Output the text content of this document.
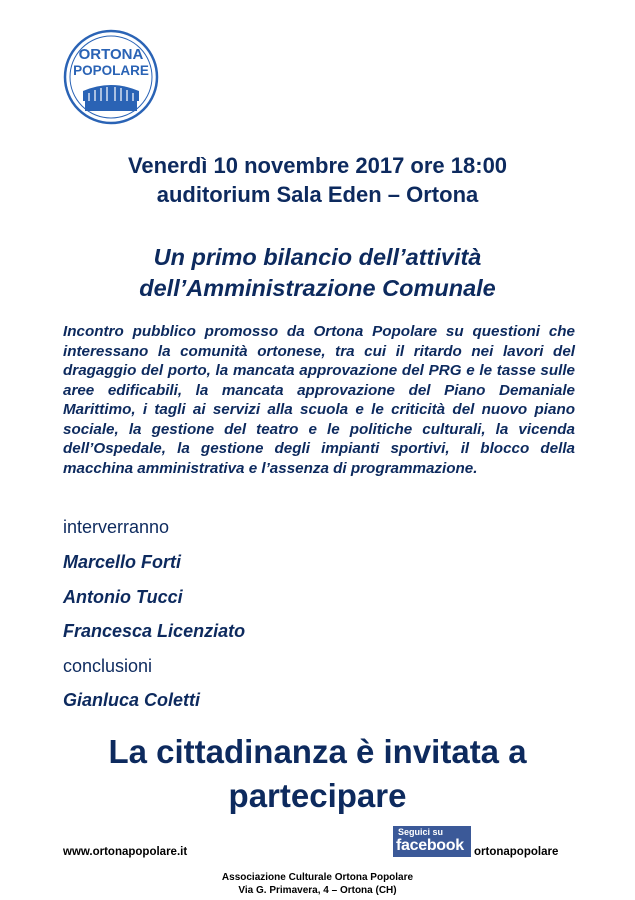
ORTONA
POPOLARE
Venerdì 10 novembre 2017 ore 18:00
auditorium Sala Eden – Ortona
Un primo bilancio dell’attività
dell’Amministrazione Comunale

Incontro pubblico promosso da Ortona Popolare su questioni che interessano la comunità ortonese, tra cui il ritardo nei lavori del dragaggio del porto, la mancata approvazione del PRG e le tasse sulle aree edificabili, la mancata approvazione del Piano Demaniale Marittimo, i tagli ai servizi alla scuola e le criticità del nuovo piano sociale, la gestione del teatro e le politiche culturali, la vicenda dell’Ospedale, la gestione degli impianti sportivi, il blocco della macchina amministrativa e l’assenza di programmazione.

interverranno
Marcello Forti
Antonio Tucci
Francesca Licenziato
conclusioni
Gianluca Coletti
La cittadinanza è invitata a
partecipare
www.ortonapopolare.it
Seguici su
facebook ortonapopolare
Associazione Culturale Ortona Popolare
Via G. Primavera, 4 – Ortona (CH)
